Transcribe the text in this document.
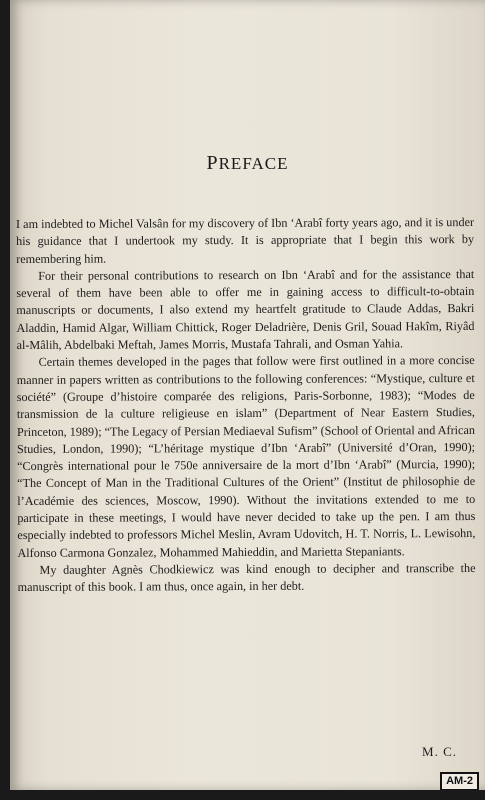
PREFACE

I am indebted to Michel Valsân for my discovery of Ibn ‘Arabî forty years ago, and it is under his guidance that I undertook my study. It is appropriate that I begin this work by remembering him.

For their personal contributions to research on Ibn ‘Arabî and for the assistance that several of them have been able to offer me in gaining access to difficult-to-obtain manuscripts or documents, I also extend my heartfelt gratitude to Claude Addas, Bakri Aladdin, Hamid Algar, William Chittick, Roger Deladrière, Denis Gril, Souad Hakîm, Riyâd al-Mâlih, Abdelbaki Meftah, James Morris, Mustafa Tahrali, and Osman Yahia.

Certain themes developed in the pages that follow were first outlined in a more concise manner in papers written as contributions to the following conferences: “Mystique, culture et société” (Groupe d’histoire comparée des religions, Paris-Sorbonne, 1983); “Modes de transmission de la culture religieuse en islam” (Department of Near Eastern Studies, Princeton, 1989); “The Legacy of Persian Mediaeval Sufism” (School of Oriental and African Studies, London, 1990); “L’héritage mystique d’Ibn ‘Arabî” (Université d’Oran, 1990); “Congrès international pour le 750e anniversaire de la mort d’Ibn ‘Arabî” (Murcia, 1990); “The Concept of Man in the Traditional Cultures of the Orient” (Institut de philosophie de l’Académie des sciences, Moscow, 1990). Without the invitations extended to me to participate in these meetings, I would have never decided to take up the pen. I am thus especially indebted to professors Michel Meslin, Avram Udovitch, H. T. Norris, L. Lewisohn, Alfonso Carmona Gonzalez, Mohammed Mahieddin, and Marietta Stepaniants.

My daughter Agnès Chodkiewicz was kind enough to decipher and transcribe the manuscript of this book. I am thus, once again, in her debt.

M. C.
AM-2
